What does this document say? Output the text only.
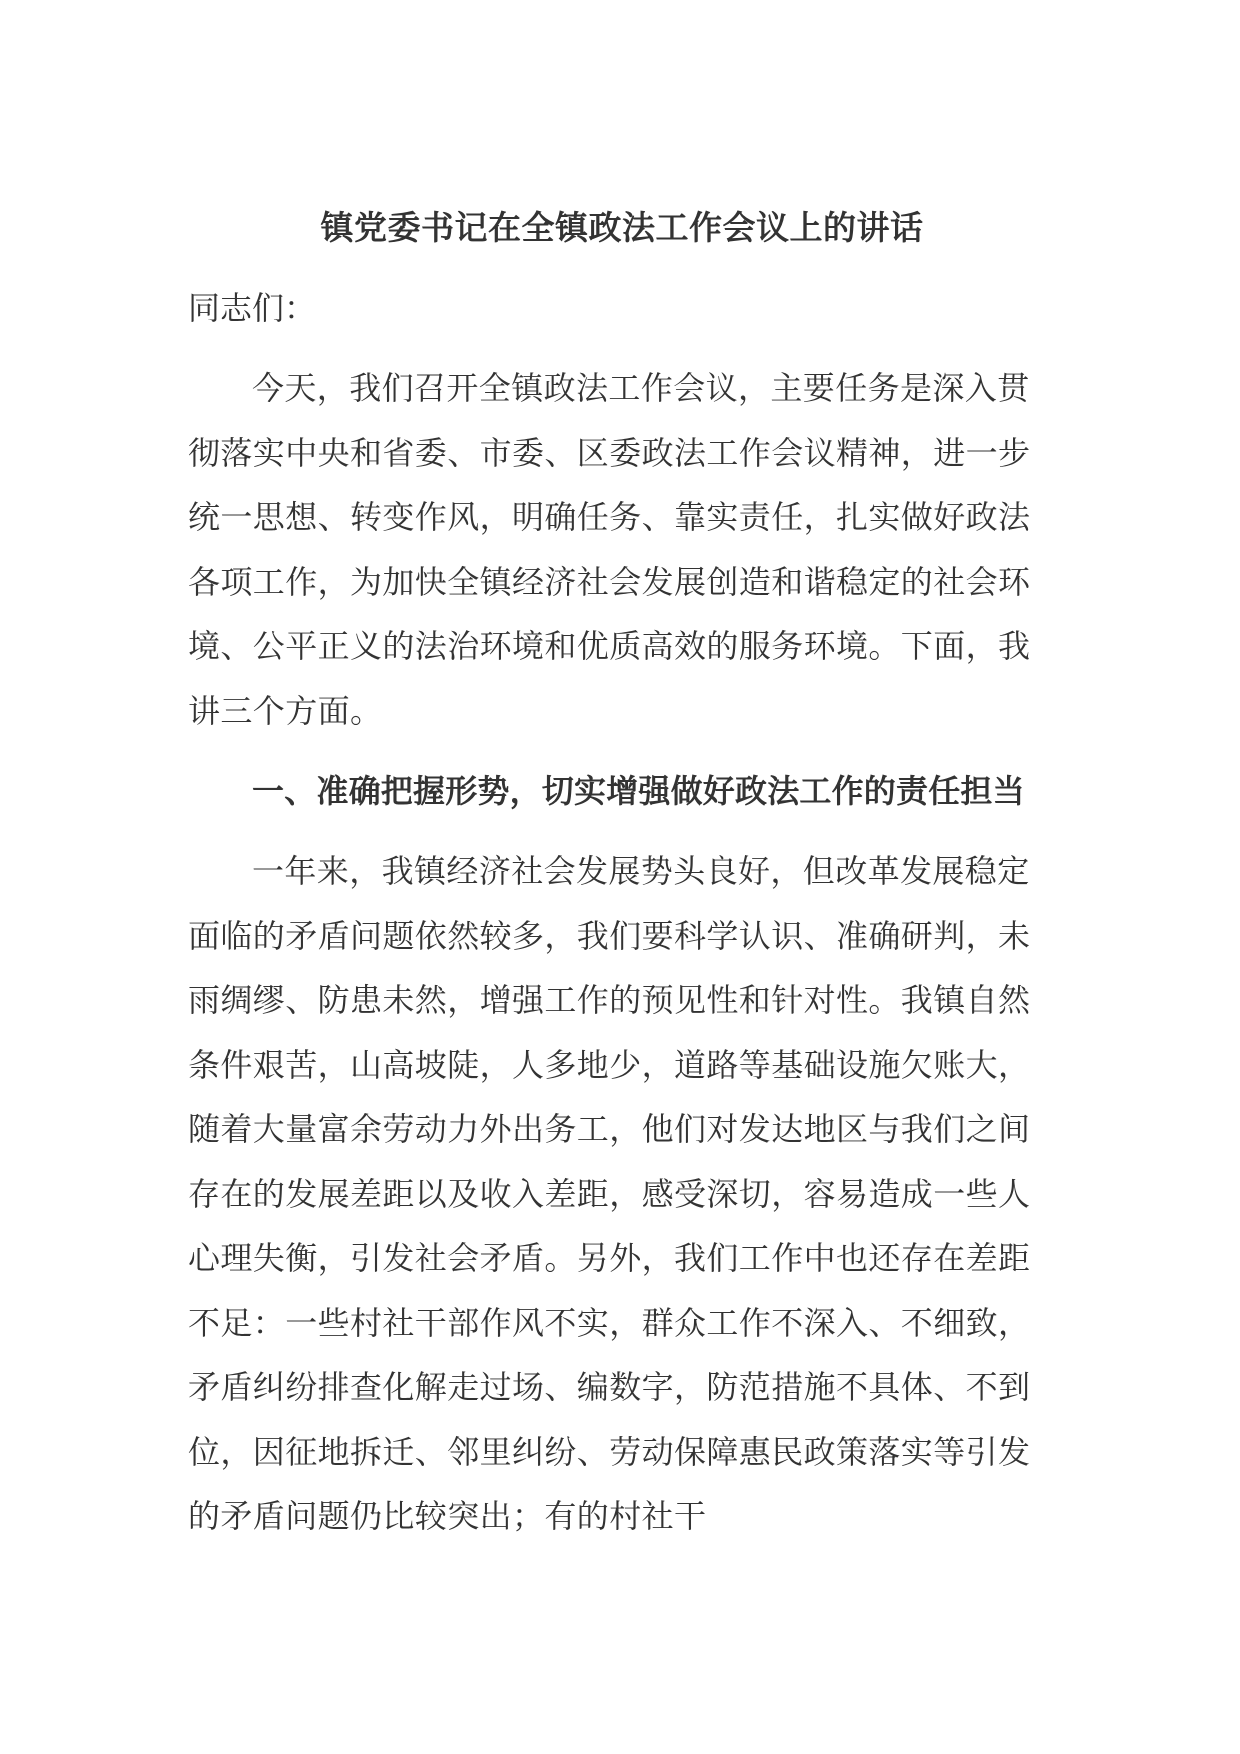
镇党委书记在全镇政法工作会议上的讲话
同志们：
今天，我们召开全镇政法工作会议，主要任务是深入贯彻落实中央和省委、市委、区委政法工作会议精神，进一步统一思想、转变作风，明确任务、靠实责任，扎实做好政法各项工作，为加快全镇经济社会发展创造和谐稳定的社会环境、公平正义的法治环境和优质高效的服务环境。下面，我讲三个方面。
一、准确把握形势，切实增强做好政法工作的责任担当
一年来，我镇经济社会发展势头良好，但改革发展稳定面临的矛盾问题依然较多，我们要科学认识、准确研判，未雨绸缪、防患未然，增强工作的预见性和针对性。我镇自然条件艰苦，山高坡陡，人多地少，道路等基础设施欠账大，随着大量富余劳动力外出务工，他们对发达地区与我们之间存在的发展差距以及收入差距，感受深切，容易造成一些人心理失衡，引发社会矛盾。另外，我们工作中也还存在差距不足：一些村社干部作风不实，群众工作不深入、不细致，矛盾纠纷排查化解走过场、编数字，防范措施不具体、不到位，因征地拆迁、邻里纠纷、劳动保障惠民政策落实等引发的矛盾问题仍比较突出；有的村社干
